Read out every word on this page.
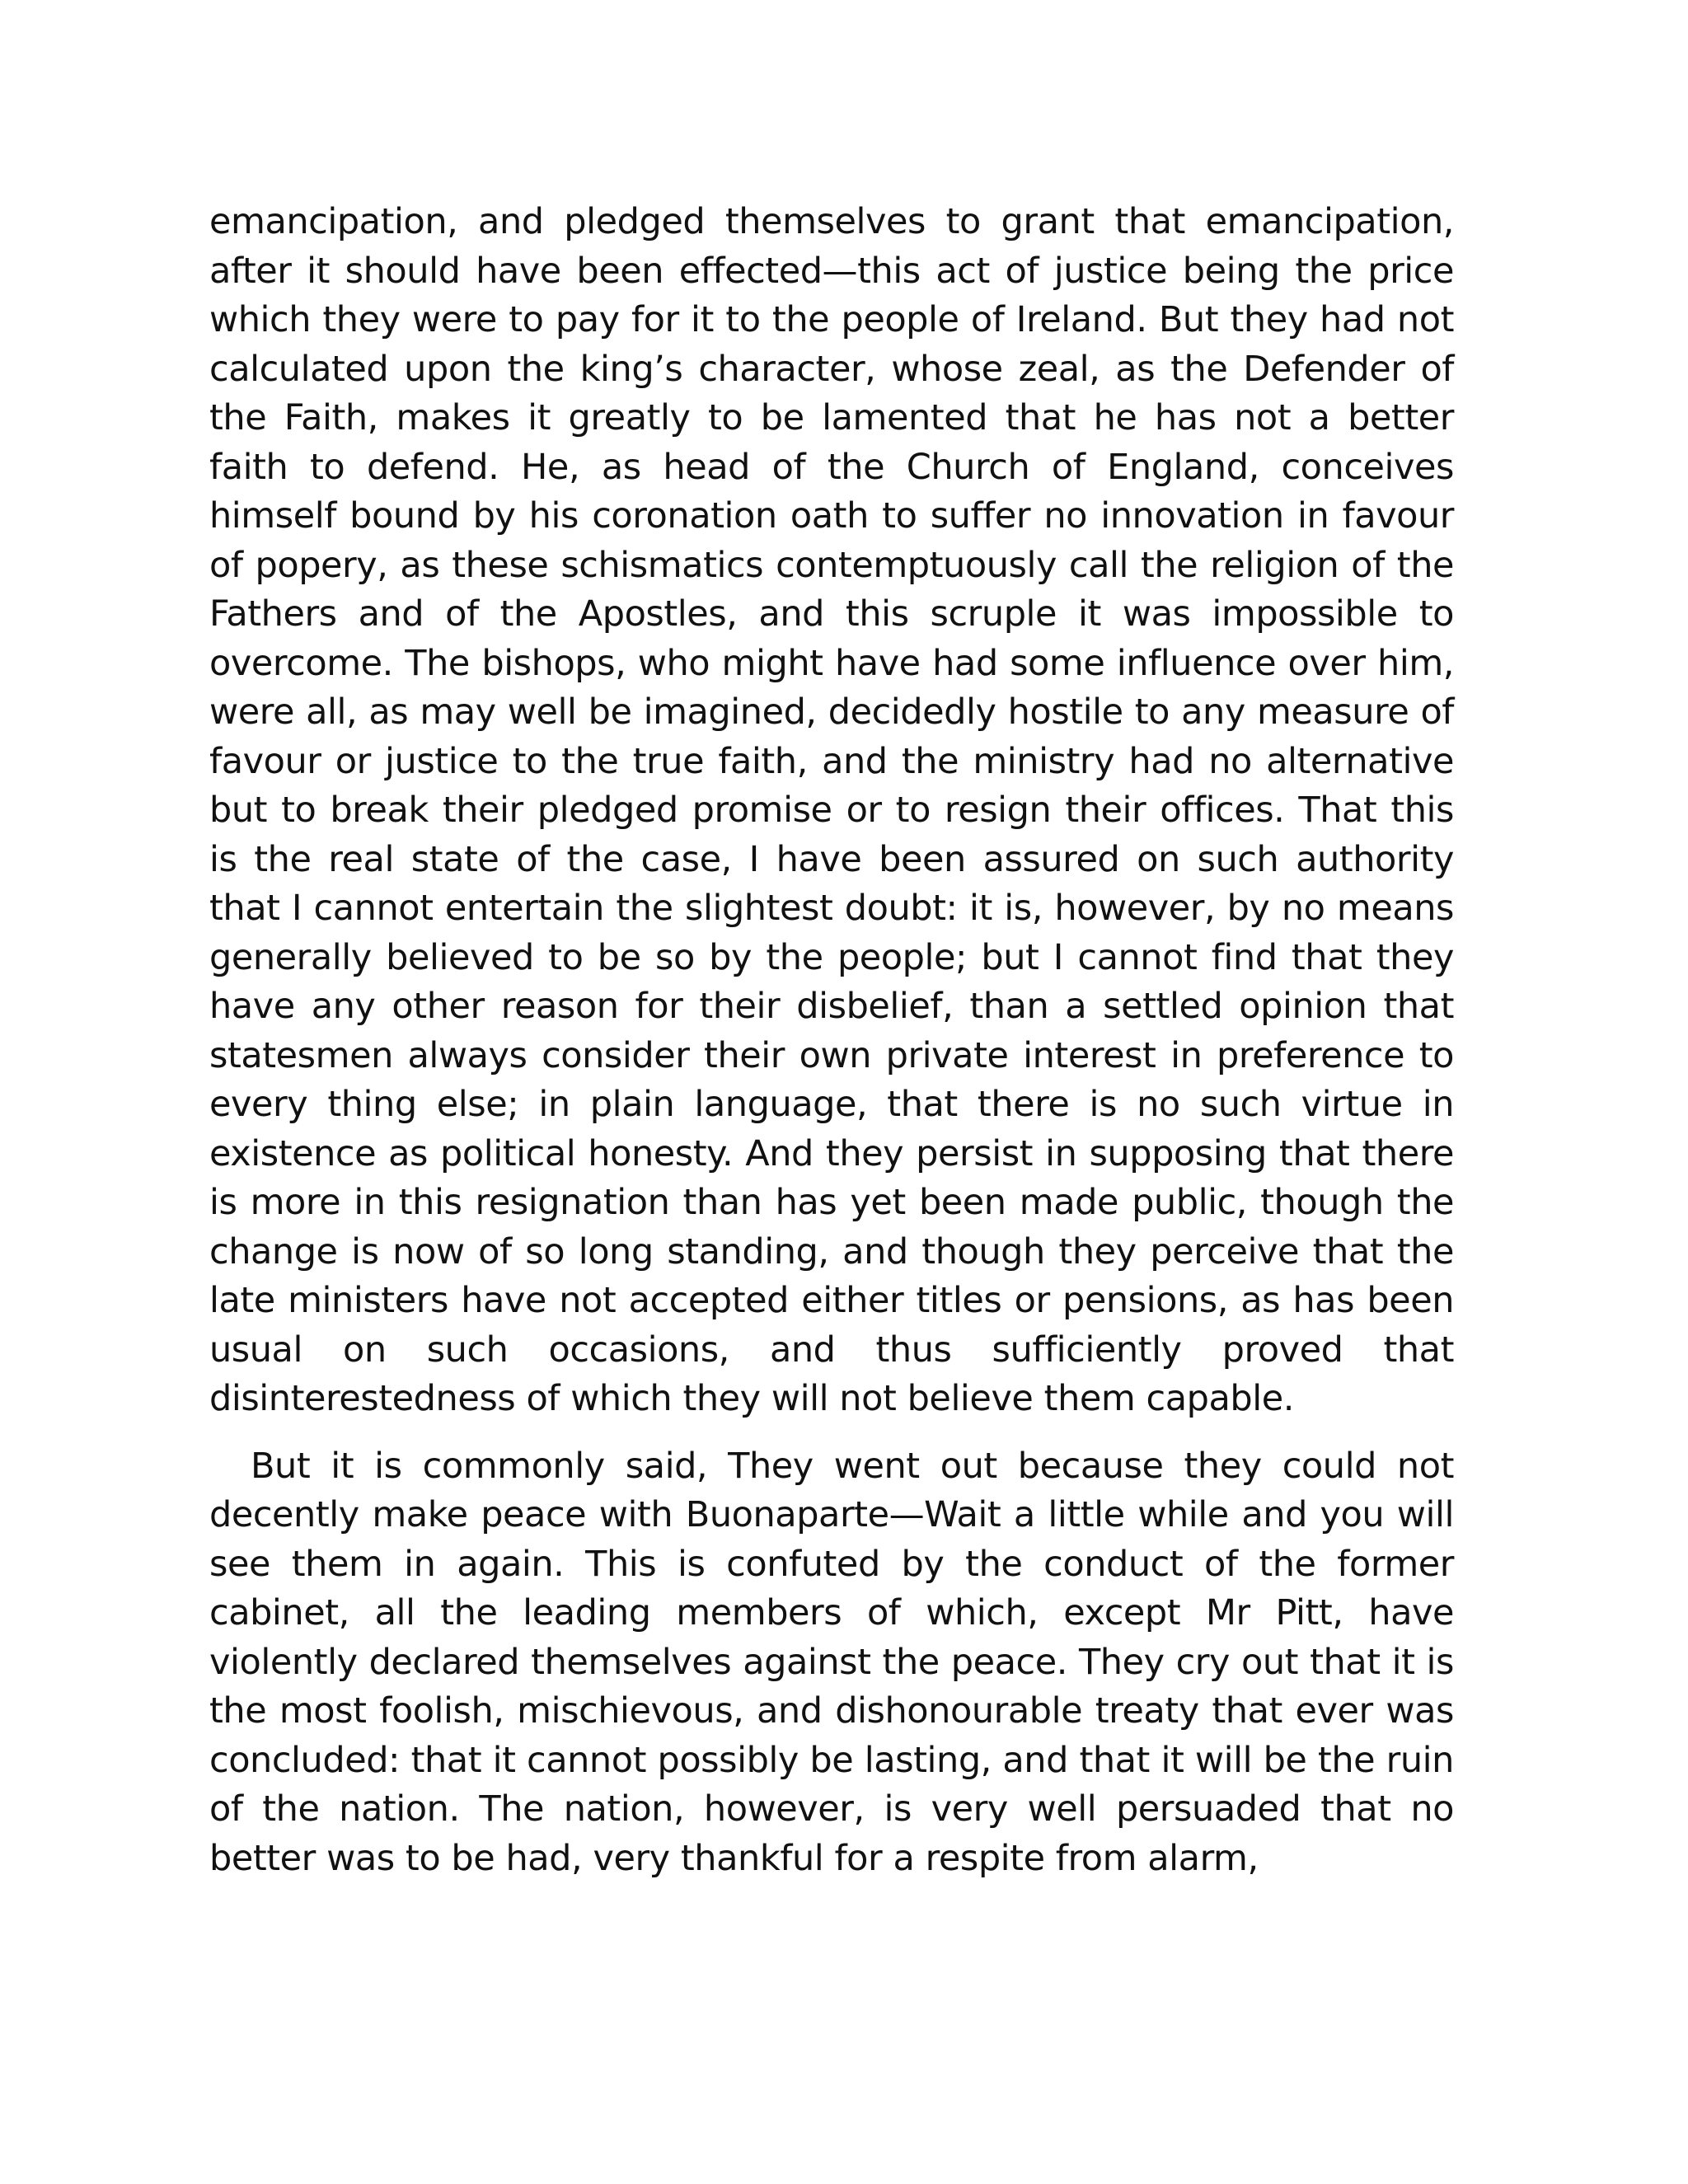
emancipation, and pledged themselves to grant that emancipation, after it should have been effected—this act of justice being the price which they were to pay for it to the people of Ireland. But they had not calculated upon the king’s character, whose zeal, as the Defender of the Faith, makes it greatly to be lamented that he has not a better faith to defend. He, as head of the Church of England, conceives himself bound by his coronation oath to suffer no innovation in favour of popery, as these schismatics contemptuously call the religion of the Fathers and of the Apostles, and this scruple it was impossible to overcome. The bishops, who might have had some influence over him, were all, as may well be imagined, decidedly hostile to any measure of favour or justice to the true faith, and the ministry had no alternative but to break their pledged promise or to resign their offices. That this is the real state of the case, I have been assured on such authority that I cannot entertain the slightest doubt: it is, however, by no means generally believed to be so by the people; but I cannot find that they have any other reason for their disbelief, than a settled opinion that statesmen always consider their own private interest in preference to every thing else; in plain language, that there is no such virtue in existence as political honesty. And they persist in supposing that there is more in this resignation than has yet been made public, though the change is now of so long standing, and though they perceive that the late ministers have not accepted either titles or pensions, as has been usual on such occasions, and thus sufficiently proved that disinterestedness of which they will not believe them capable.

But it is commonly said, They went out because they could not decently make peace with Buonaparte—Wait a little while and you will see them in again. This is confuted by the conduct of the former cabinet, all the leading members of which, except Mr Pitt, have violently declared themselves against the peace. They cry out that it is the most foolish, mischievous, and dishonourable treaty that ever was concluded: that it cannot possibly be lasting, and that it will be the ruin of the nation. The nation, however, is very well persuaded that no better was to be had, very thankful for a respite from alarm,
